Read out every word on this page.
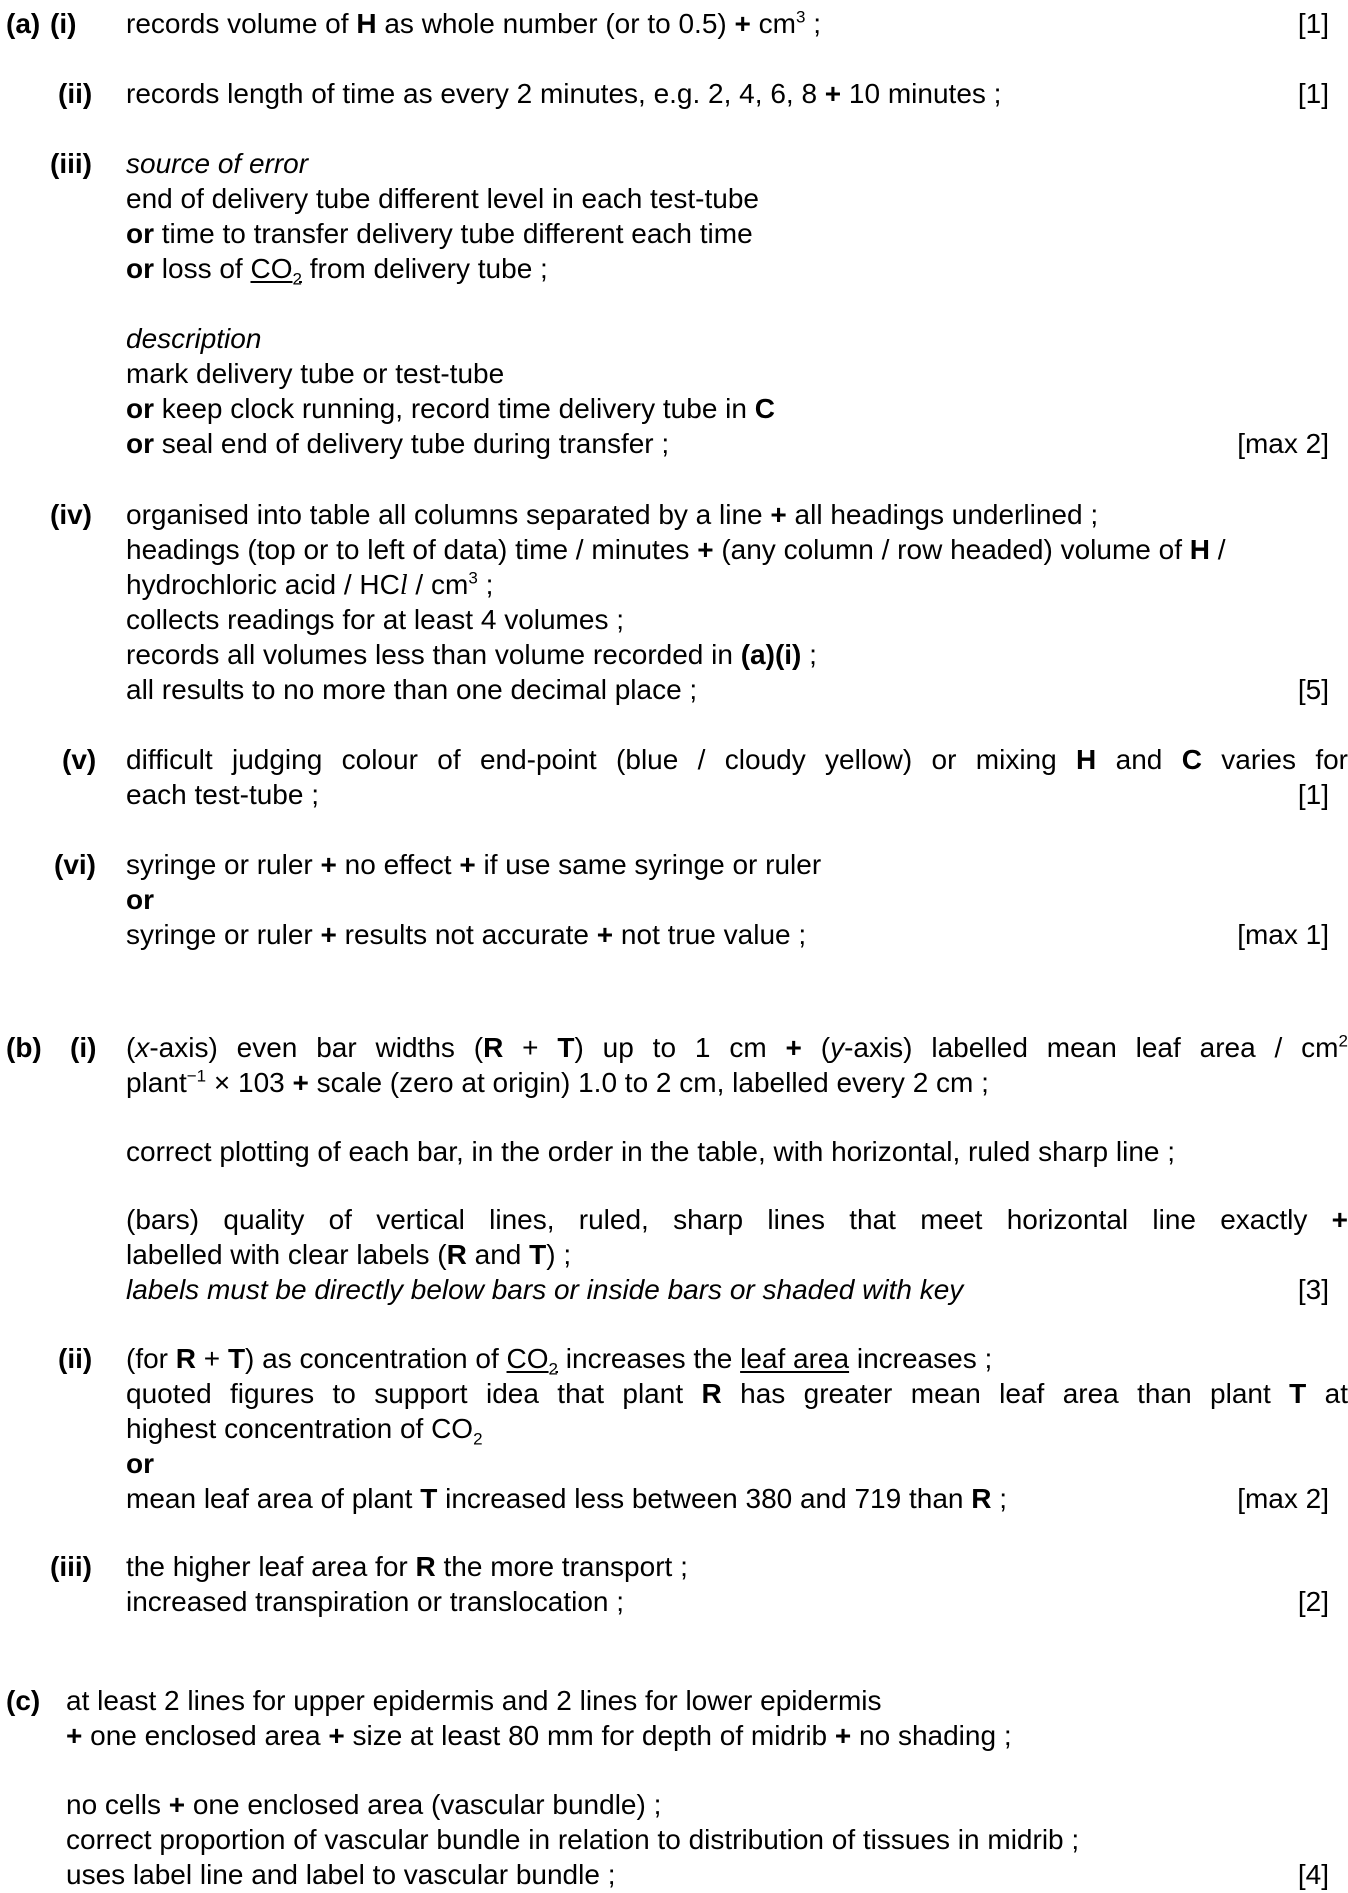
(a) (i) records volume of H as whole number (or to $0.5) + cm^3$ ;	[1]
(ii) records length of time as every 2 minutes, e.g. 2, 4, 6, 8 + 10 minutes ;	[1]
(iii) source of error
end of delivery tube different level in each test-tube
or time to transfer delivery tube different each time
or loss of $CO_2$ from delivery tube ;
description
mark delivery tube or test-tube
or keep clock running, record time delivery tube in C
or seal end of delivery tube during transfer ;	[max 2]
(iv) organised into table all columns separated by a line + all headings underlined ;
headings (top or to left of data) time / minutes + (any column / row headed) volume of H /
hydrochloric acid / HCl / $cm^3$ ;
collects readings for at least 4 volumes ;
records all volumes less than volume recorded in (a)(i) ;
all results to no more than one decimal place ;	[5]
(v) difficult judging colour of end-point (blue / cloudy yellow) or mixing H and C varies for
each test-tube ;	[1]
(vi) syringe or ruler + no effect + if use same syringe or ruler
or
syringe or ruler + results not accurate + not true value ;	[max 1]
(b) (i) (x-axis) even bar widths (R + T) up to 1 cm + (y-axis) labelled mean leaf area / $cm^2$
plant$^{-1}$ × 103 + scale (zero at origin) 1.0 to 2 cm, labelled every 2 cm ;
correct plotting of each bar, in the order in the table, with horizontal, ruled sharp line ;
(bars) quality of vertical lines, ruled, sharp lines that meet horizontal line exactly +
labelled with clear labels (R and T) ;
labels must be directly below bars or inside bars or shaded with key	[3]
(ii) (for R + T) as concentration of $CO_2$ increases the leaf area increases ;
quoted figures to support idea that plant R has greater mean leaf area than plant T at
highest concentration of $CO_2$
or
mean leaf area of plant T increased less between 380 and 719 than R ;	[max 2]
(iii) the higher leaf area for R the more transport ;
increased transpiration or translocation ;	[2]
(c) at least 2 lines for upper epidermis and 2 lines for lower epidermis
+ one enclosed area + size at least 80 mm for depth of midrib + no shading ;
no cells + one enclosed area (vascular bundle) ;
correct proportion of vascular bundle in relation to distribution of tissues in midrib ;
uses label line and label to vascular bundle ;	[4]
